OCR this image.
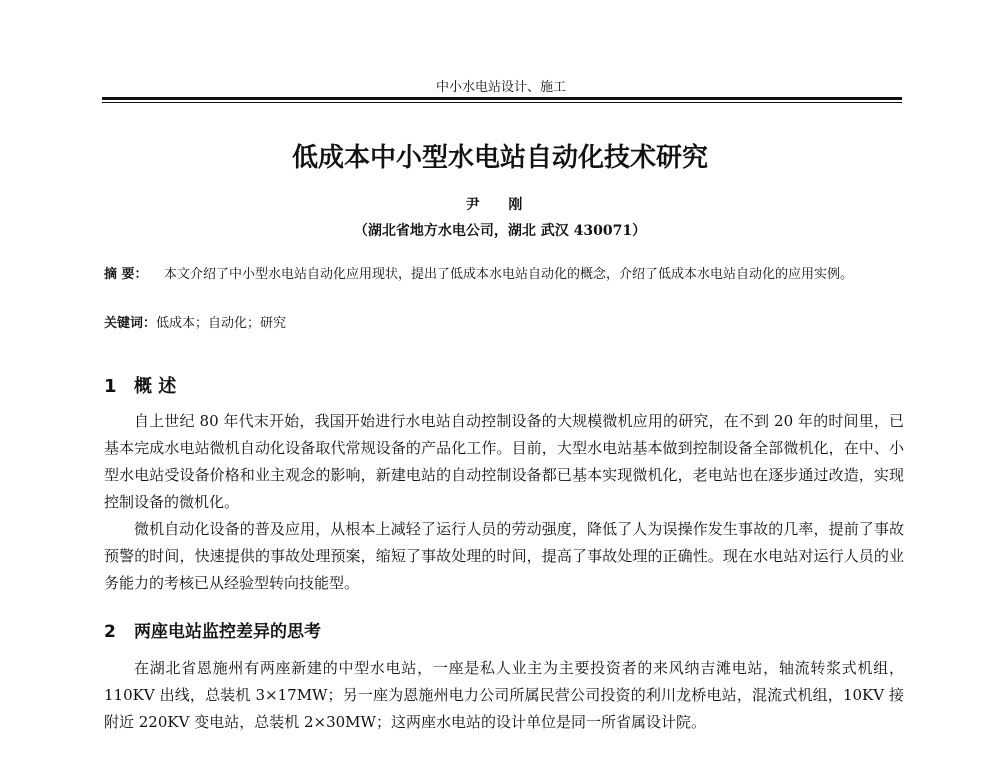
中小水电站设计、施工
低成本中小型水电站自动化技术研究
尹 刚
（湖北省地方水电公司，湖北 武汉 430071）
摘 要： 本文介绍了中小型水电站自动化应用现状，提出了低成本水电站自动化的概念，介绍了低成本水电站自动化的应用实例。
关键词：低成本；自动化；研究
1 概 述

自上世纪 80 年代末开始，我国开始进行水电站自动控制设备的大规模微机应用的研究，在不到 20 年的时间里，已基本完成水电站微机自动化设备取代常规设备的产品化工作。目前，大型水电站基本做到控制设备全部微机化，在中、小型水电站受设备价格和业主观念的影响，新建电站的自动控制设备都已基本实现微机化，老电站也在逐步通过改造，实现控制设备的微机化。

微机自动化设备的普及应用，从根本上减轻了运行人员的劳动强度，降低了人为误操作发生事故的几率，提前了事故预警的时间，快速提供的事故处理预案，缩短了事故处理的时间，提高了事故处理的正确性。现在水电站对运行人员的业务能力的考核已从经验型转向技能型。

2 两座电站监控差异的思考

在湖北省恩施州有两座新建的中型水电站，一座是私人业主为主要投资者的来风纳吉滩电站，轴流转浆式机组，110KV 出线，总装机 3×17MW；另一座为恩施州电力公司所属民营公司投资的利川龙桥电站，混流式机组，10KV 接附近 220KV 变电站，总装机 2×30MW；这两座水电站的设计单位是同一所省属设计院。
